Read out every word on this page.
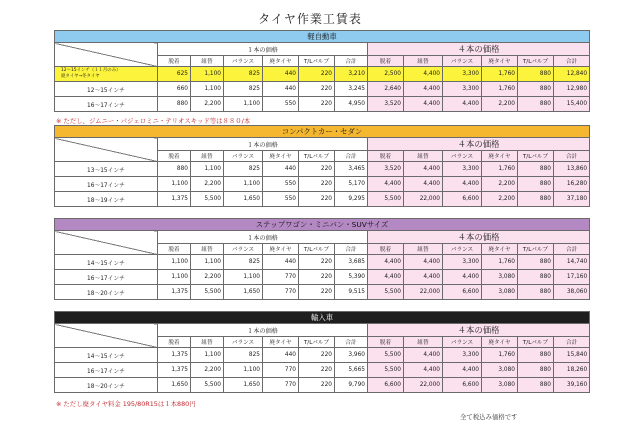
タイヤ作業工賃表
軽自動車												
	１本の価格						４本の価格					
	脱着	組替	バランス	廃タイヤ	T/Lバルブ	合計	脱着	組替	バランス	廃タイヤ	T/Lバルブ	合計

12～15インチ（１１月のみ）
廃タイヤ→冬タイヤ	625	1,100	825	440	220	3,210	2,500	4,400	3,300	1,760	880	12,840
12～15インチ	660	1,100	825	440	220	3,245	2,640	4,400	3,300	1,760	880	12,980
16～17インチ	880	2,200	1,100	550	220	4,950	3,520	4,400	4,400	2,200	880	15,400
コンパクトカー・セダン												
	１本の価格						４本の価格					
	脱着	組替	バランス	廃タイヤ	T/Lバルブ	合計	脱着	組替	バランス	廃タイヤ	T/Lバルブ	合計
13～15インチ	880	1,100	825	440	220	3,465	3,520	4,400	3,300	1,760	880	13,860
16～17インチ	1,100	2,200	1,100	550	220	5,170	4,400	4,400	4,400	2,200	880	16,280
18～19インチ	1,375	5,500	1,650	550	220	9,295	5,500	22,000	6,600	2,200	880	37,180
ステップワゴン・ミニバン・SUVサイズ												
	１本の価格						４本の価格					
	脱着	組替	バランス	廃タイヤ	T/Lバルブ	合計	脱着	組替	バランス	廃タイヤ	T/Lバルブ	合計
14～15インチ	1,100	1,100	825	440	220	3,685	4,400	4,400	3,300	1,760	880	14,740
16～17インチ	1,100	2,200	1,100	770	220	5,390	4,400	4,400	4,400	3,080	880	17,160
18～20インチ	1,375	5,500	1,650	770	220	9,515	5,500	22,000	6,600	3,080	880	38,060
輸入車												
	１本の価格						４本の価格					
	脱着	組替	バランス	廃タイヤ	T/Lバルブ	合計	脱着	組替	バランス	廃タイヤ	T/Lバルブ	合計
14～15インチ	1,375	1,100	825	440	220	3,960	5,500	4,400	3,300	1,760	880	15,840
16～17インチ	1,375	2,200	1,100	770	220	5,665	5,500	4,400	4,400	3,080	880	18,260
18～20インチ	1,650	5,500	1,650	770	220	9,790	6,600	22,000	6,600	3,080	880	39,160
※ ただし、ジムニー・パジェロミニ・テリオスキッド等は８８０/本
※ ただし廃タイヤ料金 195/80R15は１本880円
全て税込み価格です
